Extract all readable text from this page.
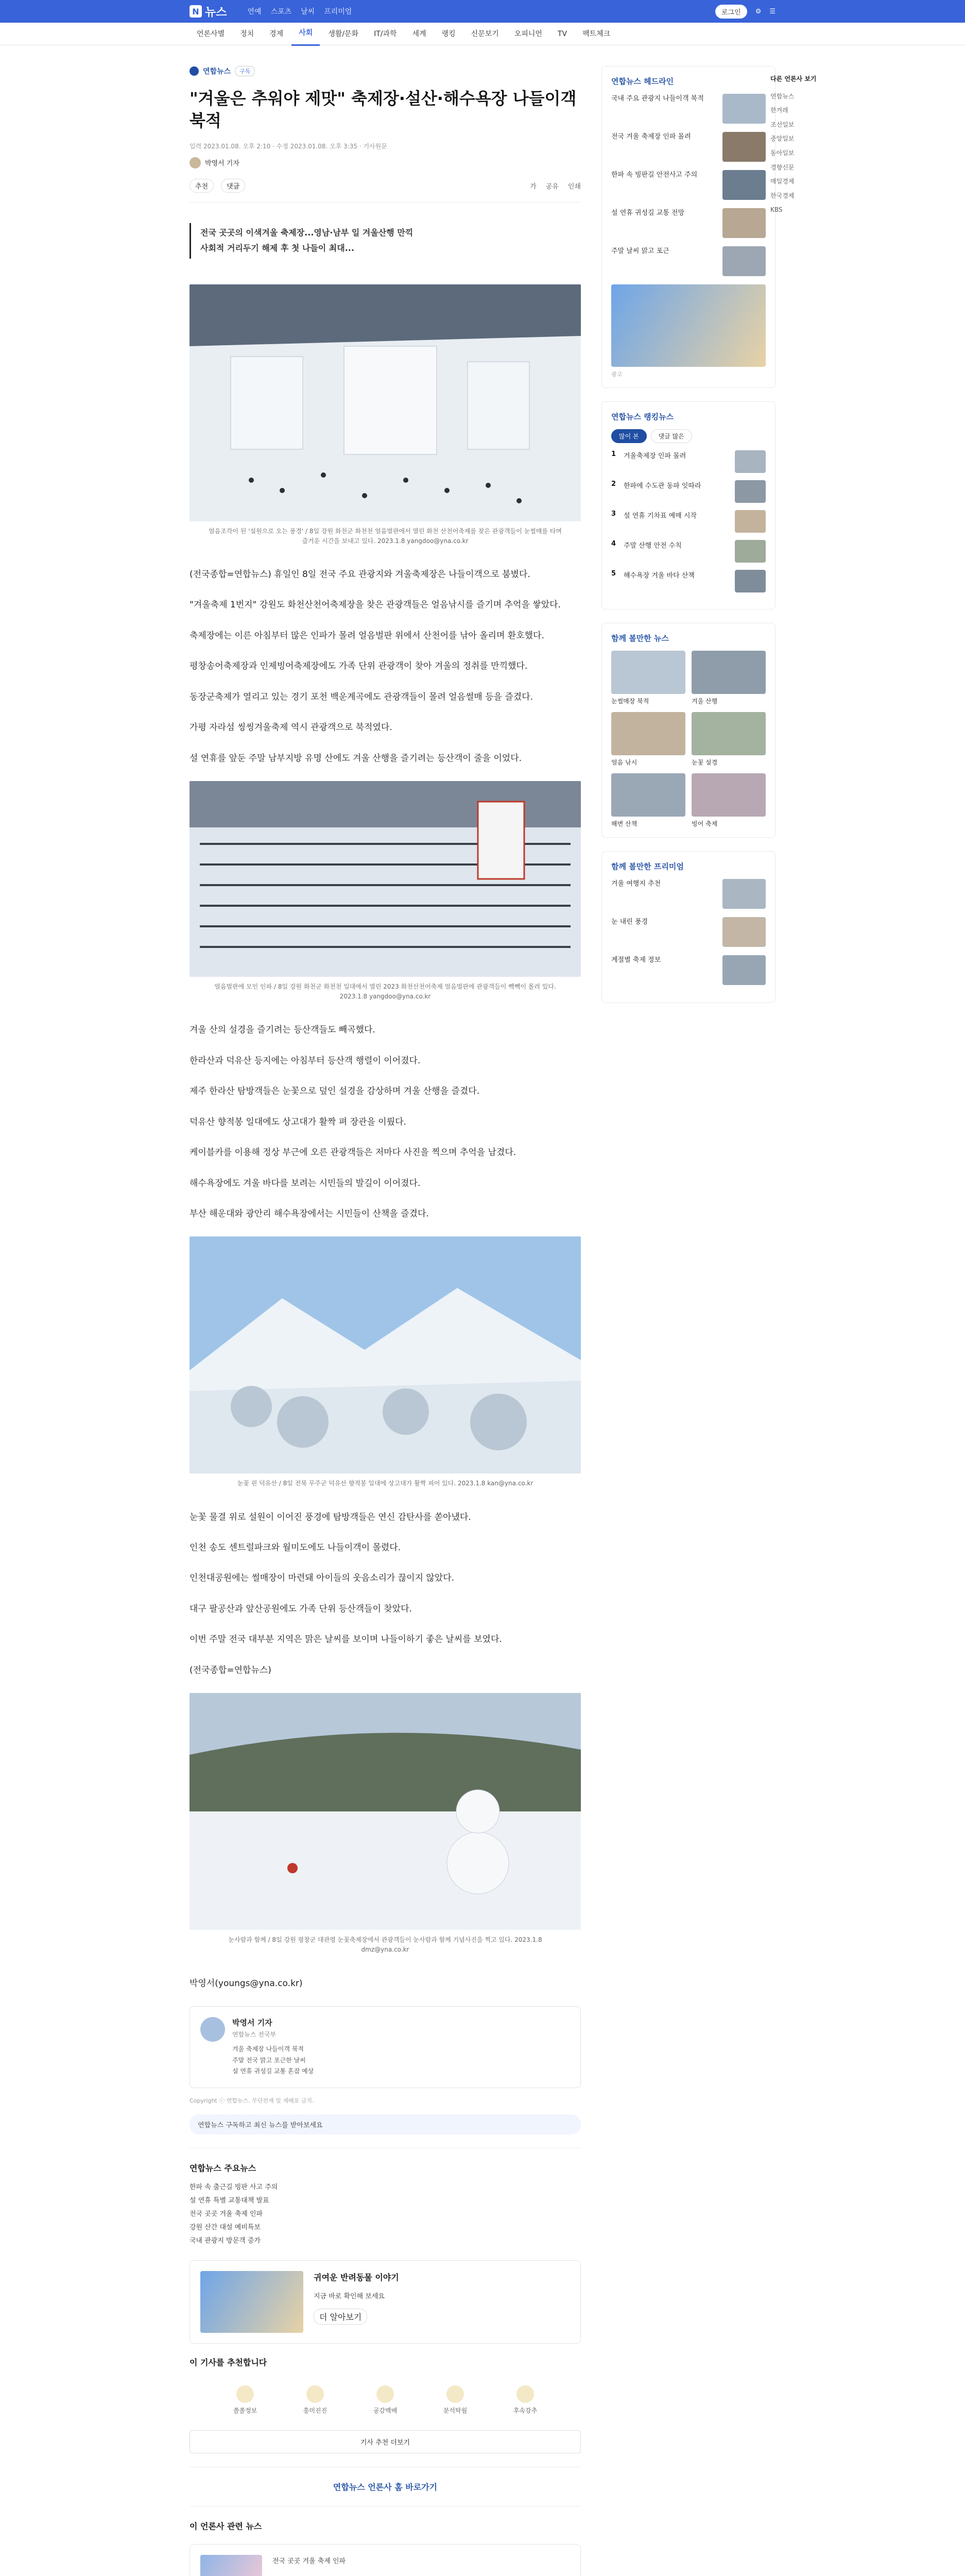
N 뉴스	연예 스포츠 날씨 프리미엄	로그인	⚙ ☰
언론사별	정치	경제	사회	생활/문화	IT/과학	세계	랭킹	신문보기	오피니언	TV	팩트체크
다른 언론사 보기
연합뉴스
한겨레
조선일보
중앙일보
동아일보
경향신문
매일경제
한국경제
KBS
연합뉴스	구독
"겨울은 추워야 제맛" 축제장·설산·해수욕장 나들이객 북적
입력 2023.01.08. 오후 2:10 · 수정 2023.01.08. 오후 3:35 · 기사원문
박영서 기자
추천	댓글	가 공유 인쇄
전국 곳곳의 이색겨울 축제장...영남·남부 일 겨울산행 만끽
사회적 거리두기 해제 후 첫 나들이 최대...

얼음조각이 된 '설원으로 오는 풍경' / 8일 강원 화천군 화천천 얼음벌판에서 열린 화천 산천어축제를 찾은 관광객들이 눈썰매를 타며 즐거운 시간을 보내고 있다. 2023.1.8 yangdoo@yna.co.kr

(전국종합=연합뉴스) 휴일인 8일 전국 주요 관광지와 겨울축제장은 나들이객으로 붐볐다.

"겨울축제 1번지" 강원도 화천산천어축제장을 찾은 관광객들은 얼음낚시를 즐기며 추억을 쌓았다.

축제장에는 이른 아침부터 많은 인파가 몰려 얼음벌판 위에서 산천어를 낚아 올리며 환호했다.

평창송어축제장과 인제빙어축제장에도 가족 단위 관광객이 찾아 겨울의 정취를 만끽했다.

동장군축제가 열리고 있는 경기 포천 백운계곡에도 관광객들이 몰려 얼음썰매 등을 즐겼다.

가평 자라섬 씽씽겨울축제 역시 관광객으로 북적였다.

설 연휴를 앞둔 주말 남부지방 유명 산에도 겨울 산행을 즐기려는 등산객이 줄을 이었다.

얼음벌판에 모인 인파 / 8일 강원 화천군 화천천 일대에서 열린 2023 화천산천어축제 얼음벌판에 관광객들이 빽빽이 몰려 있다. 2023.1.8 yangdoo@yna.co.kr

겨울 산의 설경을 즐기려는 등산객들도 빼곡했다.

한라산과 덕유산 등지에는 아침부터 등산객 행렬이 이어졌다.

제주 한라산 탐방객들은 눈꽃으로 덮인 설경을 감상하며 겨울 산행을 즐겼다.

덕유산 향적봉 일대에도 상고대가 활짝 펴 장관을 이뤘다.

케이블카를 이용해 정상 부근에 오른 관광객들은 저마다 사진을 찍으며 추억을 남겼다.

해수욕장에도 겨울 바다를 보려는 시민들의 발길이 이어졌다.

부산 해운대와 광안리 해수욕장에서는 시민들이 산책을 즐겼다.

눈꽃 핀 덕유산 / 8일 전북 무주군 덕유산 향적봉 일대에 상고대가 활짝 피어 있다. 2023.1.8 kan@yna.co.kr

눈꽃 물결 위로 설원이 이어진 풍경에 탐방객들은 연신 감탄사를 쏟아냈다.

인천 송도 센트럴파크와 월미도에도 나들이객이 몰렸다.

인천대공원에는 썰매장이 마련돼 아이들의 웃음소리가 끊이지 않았다.

대구 팔공산과 앞산공원에도 가족 단위 등산객들이 찾았다.

이번 주말 전국 대부분 지역은 맑은 날씨를 보이며 나들이하기 좋은 날씨를 보였다.

(전국종합=연합뉴스)

눈사람과 함께 / 8일 강원 평창군 대관령 눈꽃축제장에서 관광객들이 눈사람과 함께 기념사진을 찍고 있다. 2023.1.8 dmz@yna.co.kr

박영서(youngs@yna.co.kr)

박영서 기자
연합뉴스 전국부
겨울 축제장 나들이객 북적
주말 전국 맑고 포근한 날씨
설 연휴 귀성길 교통 혼잡 예상

Copyright ⓒ 연합뉴스. 무단전재 및 재배포 금지.

연합뉴스 구독하고 최신 뉴스를 받아보세요
연합뉴스 주요뉴스
한파 속 출근길 빙판 사고 주의
설 연휴 특별 교통대책 발표
전국 곳곳 겨울 축제 인파
강원 산간 대설 예비특보
국내 관광지 방문객 증가
귀여운 반려동물 이야기
지금 바로 확인해 보세요
더 알아보기
이 기사를 추천합니다
쏠쏠정보	흥미진진	공감백배	분석탁월	후속강추
기사 추천 더보기
연합뉴스 언론사 홈 바로가기
이 언론사 관련 뉴스
전국 곳곳 겨울 축제 인파
연합뉴스 헤드라인
국내 주요 관광지 나들이객 북적
전국 겨울 축제장 인파 몰려
한파 속 빙판길 안전사고 주의
설 연휴 귀성길 교통 전망
주말 날씨 맑고 포근
광고
연합뉴스 랭킹뉴스
많이 본	댓글 많은
1	겨울축제장 인파 몰려
2	한파에 수도관 동파 잇따라
3	설 연휴 기차표 예매 시작
4	주말 산행 안전 수칙
5	해수욕장 겨울 바다 산책
함께 볼만한 뉴스

눈썰매장 북적	겨울 산행

얼음 낚시	눈꽃 설경

해변 산책	빙어 축제

함께 볼만한 프리미엄
겨울 여행지 추천
눈 내린 풍경
계절별 축제 정보
